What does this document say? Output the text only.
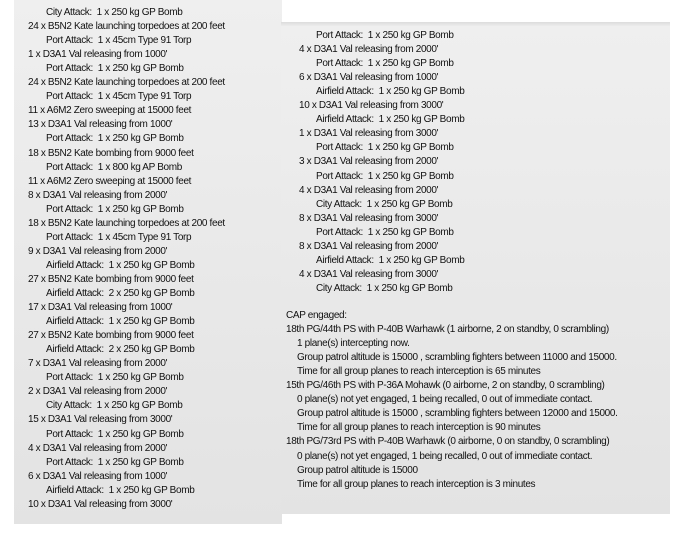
City Attack:  1 x 250 kg GP Bomb
24 x B5N2 Kate launching torpedoes at 200 feet
Port Attack:  1 x 45cm Type 91 Torp
1 x D3A1 Val releasing from 1000'
Port Attack:  1 x 250 kg GP Bomb
24 x B5N2 Kate launching torpedoes at 200 feet
Port Attack:  1 x 45cm Type 91 Torp
11 x A6M2 Zero sweeping at 15000 feet
13 x D3A1 Val releasing from 1000'
Port Attack:  1 x 250 kg GP Bomb
18 x B5N2 Kate bombing from 9000 feet
Port Attack:  1 x 800 kg AP Bomb
11 x A6M2 Zero sweeping at 15000 feet
8 x D3A1 Val releasing from 2000'
Port Attack:  1 x 250 kg GP Bomb
18 x B5N2 Kate launching torpedoes at 200 feet
Port Attack:  1 x 45cm Type 91 Torp
9 x D3A1 Val releasing from 2000'
Airfield Attack:  1 x 250 kg GP Bomb
27 x B5N2 Kate bombing from 9000 feet
Airfield Attack:  2 x 250 kg GP Bomb
17 x D3A1 Val releasing from 1000'
Airfield Attack:  1 x 250 kg GP Bomb
27 x B5N2 Kate bombing from 9000 feet
Airfield Attack:  2 x 250 kg GP Bomb
7 x D3A1 Val releasing from 2000'
Port Attack:  1 x 250 kg GP Bomb
2 x D3A1 Val releasing from 2000'
City Attack:  1 x 250 kg GP Bomb
15 x D3A1 Val releasing from 3000'
Port Attack:  1 x 250 kg GP Bomb
4 x D3A1 Val releasing from 2000'
Port Attack:  1 x 250 kg GP Bomb
6 x D3A1 Val releasing from 1000'
Airfield Attack:  1 x 250 kg GP Bomb
10 x D3A1 Val releasing from 3000'
Port Attack:  1 x 250 kg GP Bomb
4 x D3A1 Val releasing from 2000'
Port Attack:  1 x 250 kg GP Bomb
6 x D3A1 Val releasing from 1000'
Airfield Attack:  1 x 250 kg GP Bomb
10 x D3A1 Val releasing from 3000'
Airfield Attack:  1 x 250 kg GP Bomb
1 x D3A1 Val releasing from 3000'
Port Attack:  1 x 250 kg GP Bomb
3 x D3A1 Val releasing from 2000'
Port Attack:  1 x 250 kg GP Bomb
4 x D3A1 Val releasing from 2000'
City Attack:  1 x 250 kg GP Bomb
8 x D3A1 Val releasing from 3000'
Port Attack:  1 x 250 kg GP Bomb
8 x D3A1 Val releasing from 2000'
Airfield Attack:  1 x 250 kg GP Bomb
4 x D3A1 Val releasing from 3000'
City Attack:  1 x 250 kg GP Bomb
CAP engaged:
18th PG/44th PS with P-40B Warhawk (1 airborne, 2 on standby, 0 scrambling)
1 plane(s) intercepting now.
Group patrol altitude is 15000 , scrambling fighters between 11000 and 15000.
Time for all group planes to reach interception is 65 minutes
15th PG/46th PS with P-36A Mohawk (0 airborne, 2 on standby, 0 scrambling)
0 plane(s) not yet engaged, 1 being recalled, 0 out of immediate contact.
Group patrol altitude is 15000 , scrambling fighters between 12000 and 15000.
Time for all group planes to reach interception is 90 minutes
18th PG/73rd PS with P-40B Warhawk (0 airborne, 0 on standby, 0 scrambling)
0 plane(s) not yet engaged, 1 being recalled, 0 out of immediate contact.
Group patrol altitude is 15000
Time for all group planes to reach interception is 3 minutes
